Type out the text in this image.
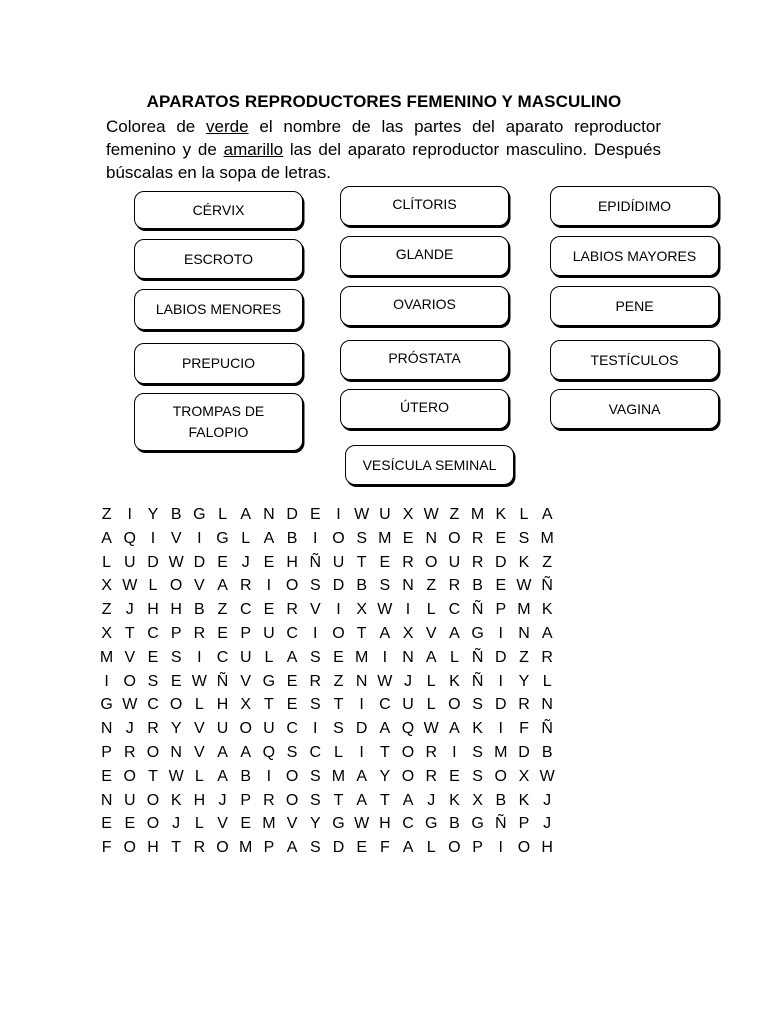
APARATOS REPRODUCTORES FEMENINO Y MASCULINO

Colorea de verde el nombre de las partes del aparato reproductor femenino y de amarillo las del aparato reproductor masculino. Después búscalas en la sopa de letras.

CÉRVIX
ESCROTO
LABIOS MENORES
PREPUCIO
TROMPAS DE FALOPIO
CLÍTORIS
GLANDE
OVARIOS
PRÓSTATA
ÚTERO
VESÍCULA SEMINAL
EPIDÍDIMO
LABIOS MAYORES
PENE
TESTÍCULOS
VAGINA
Z	I Y B G L A N D E I W U X W Z M K L A
A Q I V I G L A B I O S M E N O R E S M
L U D W D E J E H Ñ U T E R O U R D K Z
X W L O V A R I O S D B S N Z R B E W Ñ
Z J H H B Z C E R V I X W I	L C Ñ P M K
X T C P R E P U C I O T A X V A G I N A
M V E S I C U L A S E M I N A L Ñ D Z R
I O S E W Ñ V G E R Z N W J L K Ñ I Y L
G W C O L H X T E S T	I C U L O S D R N
N J R Y V U O U C I S D A Q W A K I	F Ñ
P R O N V A A Q S C L	I	T O R I S M D B
E O T W L A B I O S M A Y O R E S O X W
N U O K H J P R O S T A T A J K X B K J
E E O J L V E M V Y G W H C G B G Ñ P J
F O H T R O M P A S D E F A L O P I O H
